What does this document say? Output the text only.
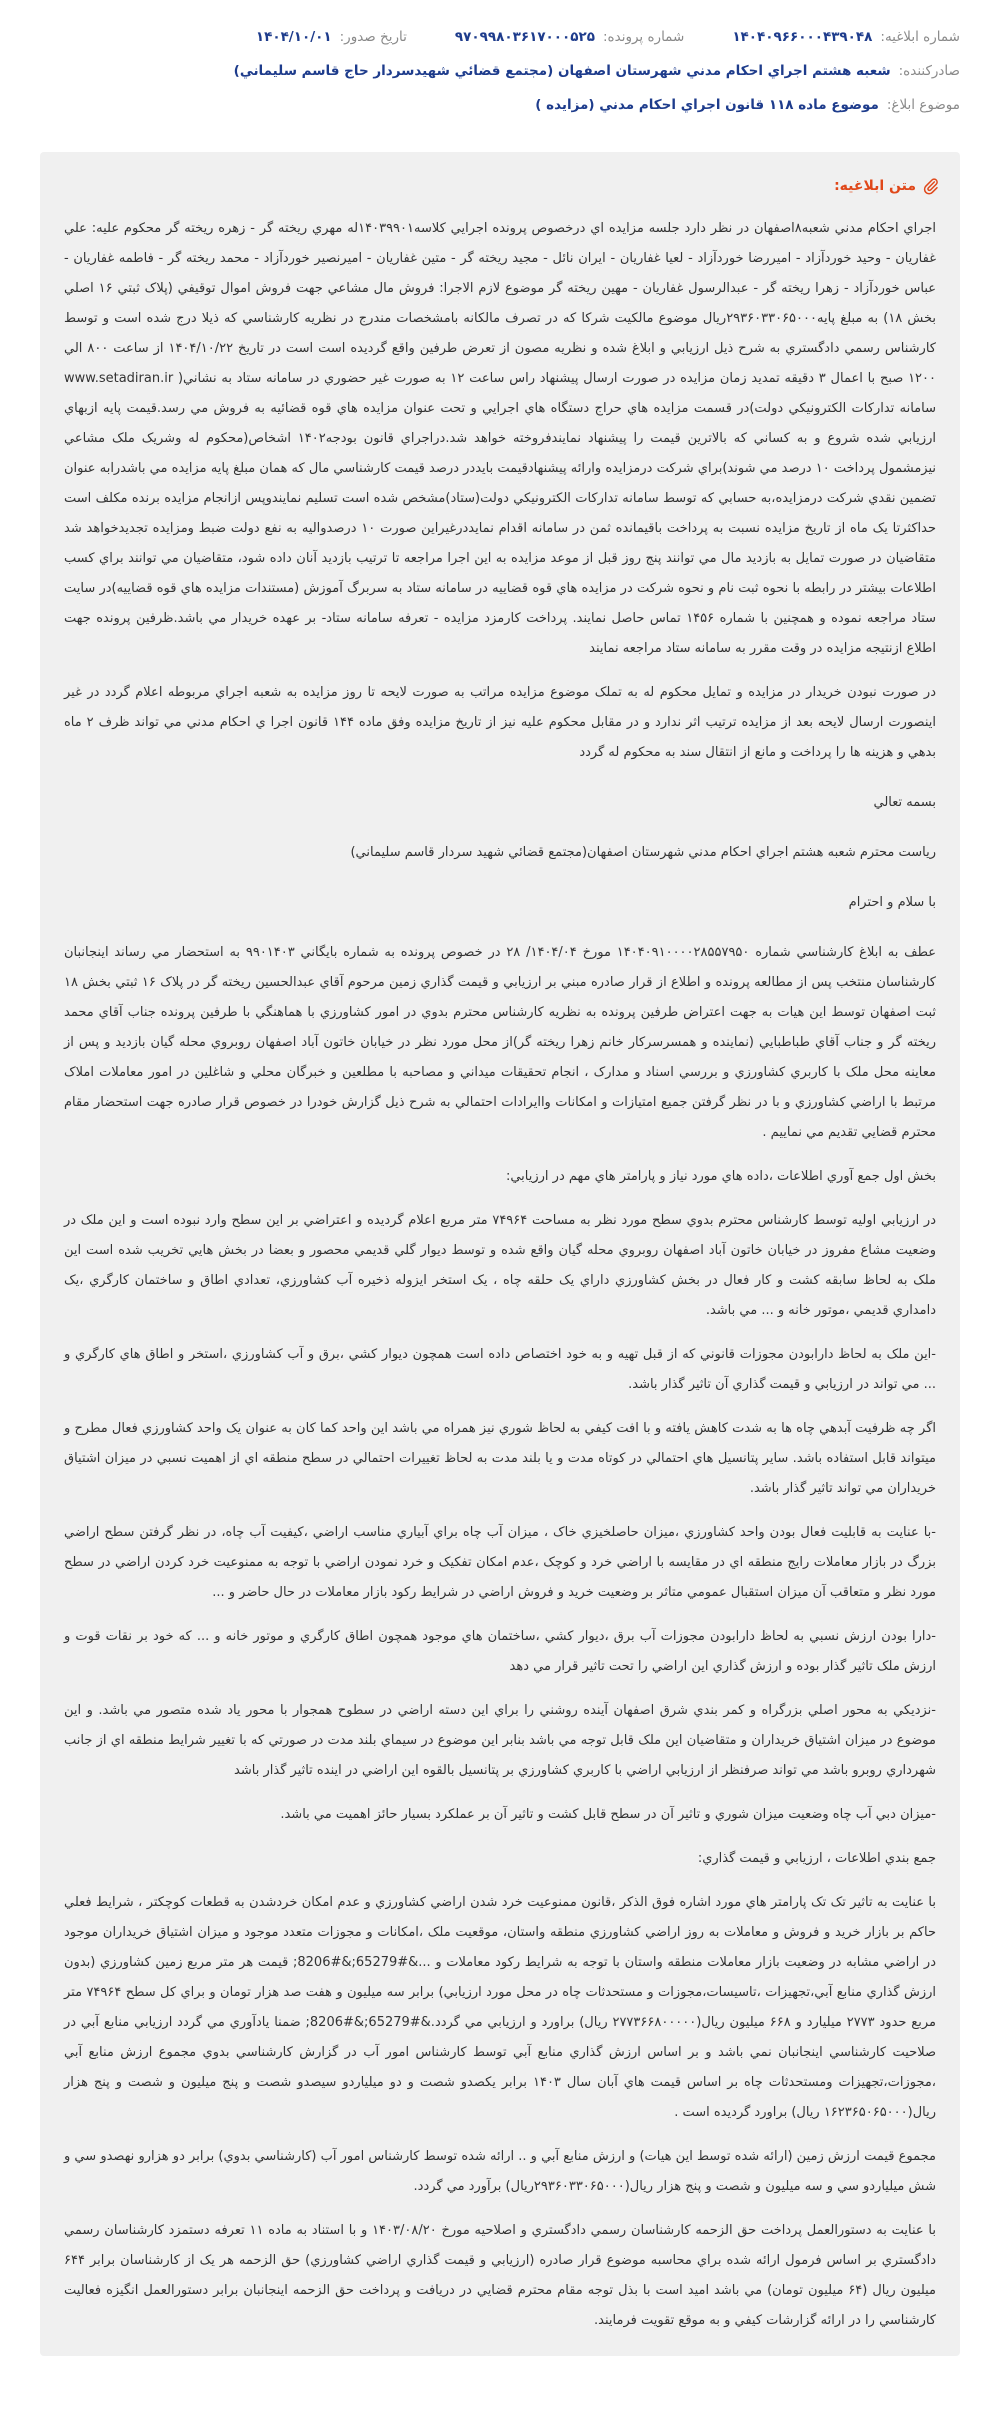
شماره ابلاغيه:
۱۴۰۴۰۹۶۶۰۰۰۴۳۹۰۴۸
شماره پرونده:
۹۷۰۹۹۸۰۳۶۱۷۰۰۰۵۲۵
تاريخ صدور:
۱۴۰۴/۱۰/۰۱
صادرکننده:
شعبه هشتم اجراي احکام مدني شهرستان اصفهان (مجتمع قضائي شهيدسردار حاج قاسم سليماني)
موضوع ابلاغ:
موضوع ماده ۱۱۸ قانون اجراي احکام مدني (مزايده )
متن ابلاغيه:

اجراي احکام مدني شعبه۸اصفهان در نظر دارد جلسه مزايده اي درخصوص پرونده اجرايي کلاسه۱۴۰۳۹۹۰۱له مهري ريخته گر - زهره ريخته گر محکوم عليه: علي غفاريان - وحيد خوردآزاد - اميررضا خوردآزاد - لعيا غفاريان - ايران نائل - مجيد ريخته گر - متين غفاريان - اميرنصير خوردآزاد - محمد ريخته گر - فاطمه غفاريان - عباس خوردآزاد - زهرا ريخته گر - عبدالرسول غفاريان - مهين ريخته گر موضوع لازم الاجرا: فروش مال مشاعي جهت فروش اموال توقيفي (پلاک ثبتي ۱۶ اصلي بخش ۱۸) به مبلغ پايه۲۹۳۶۰۳۳۰۶۵۰۰۰ريال موضوع مالکيت شرکا که در تصرف مالکانه بامشخصات مندرج در نظريه کارشناسي که ذيلا درج شده است و توسط کارشناس رسمي دادگستري به شرح ذيل ارزيابي و ابلاغ شده و نظريه مصون از تعرض طرفين واقع گرديده است است در تاريخ ۱۴۰۴/۱۰/۲۲ از ساعت ۸۰۰ الي ۱۲۰۰ صبح با اعمال ۳ دقيقه تمديد زمان مزايده در صورت ارسال پيشنهاد راس ساعت ۱۲ به صورت غير حضوري در سامانه ستاد به نشاني( www.setadiran.ir سامانه تدارکات الکترونيکي دولت)در قسمت مزايده هاي حراج دستگاه هاي اجرايي و تحت عنوان مزايده هاي قوه قضائيه به فروش مي رسد.قيمت پايه ازبهاي ارزيابي شده شروع و به کساني که بالاترين قيمت را پيشنهاد نمايندفروخته خواهد شد.دراجراي قانون بودجه۱۴۰۲ اشخاص(محکوم له وشريک ملک مشاعي نيزمشمول پرداخت ۱۰ درصد مي شوند)براي شرکت درمزايده وارائه پيشنهادقيمت بايددر درصد قيمت کارشناسي مال که همان مبلغ پايه مزايده مي باشدرابه عنوان تضمين نقدي شرکت درمزايده،به حسابي که توسط سامانه تدارکات الکترونيکي دولت(ستاد)مشخص شده است تسليم نمايندوپس ازانجام مزايده برنده مکلف است حداکثرتا يک ماه از تاريخ مزايده نسبت به پرداخت باقيمانده ثمن در سامانه اقدام نمايددرغيراين صورت ۱۰ درصدواليه به نفع دولت ضبط ومزايده تجديدخواهد شد متقاضيان در صورت تمايل به بازديد مال مي توانند پنج روز قبل از موعد مزايده به اين اجرا مراجعه تا ترتيب بازديد آنان داده شود، متقاضيان مي توانند براي کسب اطلاعات بيشتر در رابطه با نحوه ثبت نام و نحوه شرکت در مزايده هاي قوه قضاييه در سامانه ستاد به سربرگ آموزش (مستندات مزايده هاي قوه قضاييه)در سايت ستاد مراجعه نموده و همچنين با شماره ۱۴۵۶ تماس حاصل نمايند. پرداخت کارمزد مزايده - تعرفه سامانه ستاد- بر عهده خريدار مي باشد.ظرفين پرونده جهت اطلاع ازنتيجه مزايده در وقت مقرر به سامانه ستاد مراجعه نمايند

در صورت نبودن خريدار در مزايده و تمايل محکوم له به تملک موضوع مزايده مراتب به صورت لايحه تا روز مزايده به شعبه اجراي مربوطه اعلام گردد در غير اينصورت ارسال لايحه بعد از مزايده ترتيب اثر ندارد و در مقابل محکوم عليه نيز از تاريخ مزايده وفق ماده ۱۴۴ قانون اجرا ي احکام مدني مي تواند ظرف ۲ ماه بدهي و هزينه ها را پرداخت و مانع از انتقال سند به محکوم له گردد

بسمه تعالي

رياست محترم شعبه هشتم اجراي احکام مدني شهرستان اصفهان(مجتمع قضائي شهيد سردار قاسم سليماني)

با سلام و احترام

عطف به ابلاغ کارشناسي شماره ۱۴۰۴۰۹۱۰۰۰۰۲۸۵۵۷۹۵۰ مورخ ۱۴۰۴/۰۴/ ۲۸ در خصوص پرونده به شماره بايگاني ۹۹۰۱۴۰۳ به استحضار مي رساند اينجانبان کارشناسان منتخب پس از مطالعه پرونده و اطلاع از قرار صادره مبني بر ارزيابي و قيمت گذاري زمين مرحوم آقاي عبدالحسين ريخته گر در پلاک ۱۶ ثبتي بخش ۱۸ ثبت اصفهان توسط اين هيات به جهت اعتراض طرفين پرونده به نظريه کارشناس محترم بدوي در امور کشاورزي با هماهنگي با طرفين پرونده جناب آقاي محمد ريخته گر و جناب آقاي طباطبايي (نماينده و همسرسرکار خانم زهرا ريخته گر)از محل مورد نظر در خيابان خاتون آباد اصفهان روبروي محله گيان بازديد و پس از معاينه محل ملک با کاربري کشاورزي و بررسي اسناد و مدارک ، انجام تحقيقات ميداني و مصاحبه با مطلعين و خبرگان محلي و شاغلين در امور معاملات املاک مرتبط با اراضي کشاورزي و با در نظر گرفتن جميع امتيازات و امکانات واايرادات احتمالي به شرح ذيل گزارش خودرا در خصوص قرار صادره جهت استحضار مقام محترم قضايي تقديم مي نماييم .

بخش اول جمع آوري اطلاعات ،داده هاي مورد نياز و پارامتر هاي مهم در ارزيابي:

در ارزيابي اوليه توسط کارشناس محترم بدوي سطح مورد نظر به مساحت ۷۴۹۶۴ متر مربع اعلام گرديده و اعتراضي بر اين سطح وارد نبوده است و اين ملک در وضعيت مشاع مفروز در خيابان خاتون آباد اصفهان روبروي محله گيان واقع شده و توسط ديوار گلي قديمي محصور و بعضا در بخش هايي تخريب شده است اين ملک به لحاظ سابقه کشت و کار فعال در بخش کشاورزي داراي يک حلقه چاه ، يک استخر ايزوله ذخيره آب کشاورزي، تعدادي اطاق و ساختمان کارگري ،يک دامداري قديمي ،موتور خانه و ... مي باشد.

-اين ملک به لحاظ دارابودن مجوزات قانوني که از قبل تهيه و به خود اختصاص داده است همچون ديوار کشي ،برق و آب کشاورزي ،استخر و اطاق هاي کارگري و ... مي تواند در ارزيابي و قيمت گذاري آن تاثير گذار باشد.

اگر چه ظرفيت آبدهي چاه ها به شدت کاهش يافته و با افت کيفي به لحاظ شوري نيز همراه مي باشد اين واحد کما کان به عنوان يک واحد کشاورزي فعال مطرح و ميتواند قابل استفاده باشد. ساير پتانسيل هاي احتمالي در کوتاه مدت و يا بلند مدت به لحاظ تغييرات احتمالي در سطح منطقه اي از اهميت نسبي در ميزان اشتياق خريداران مي تواند تاثير گذار باشد.

-با عنايت به قابليت فعال بودن واحد کشاورزي ،ميزان حاصلخيزي خاک ، ميزان آب چاه براي آبياري مناسب اراضي ،کيفيت آب چاه، در نظر گرفتن سطح اراضي بزرگ در بازار معاملات رايج منطقه اي در مقايسه با اراضي خرد و کوچک ،عدم امکان تفکيک و خرد نمودن اراضي با توجه به ممنوعيت خرد کردن اراضي در سطح مورد نظر و متعاقب آن ميزان استقبال عمومي متاثر بر وضعيت خريد و فروش اراضي در شرايط رکود بازار معاملات در حال حاضر و ...

-دارا بودن ارزش نسبي به لحاظ دارابودن مجوزات آب برق ،ديوار کشي ،ساختمان هاي موجود همچون اطاق کارگري و موتور خانه و ... که خود بر نقات قوت و ارزش ملک تاثير گذار بوده و ارزش گذاري اين اراضي را تحت تاثير قرار مي دهد

-نزديکي به محور اصلي بزرگراه و کمر بندي شرق اصفهان آينده روشني را براي اين دسته اراضي در سطوح همجوار با محور ياد شده متصور مي باشد. و اين موضوع در ميزان اشتياق خريداران و متقاضيان اين ملک قابل توجه مي باشد بنابر اين موضوع در سيماي بلند مدت در صورتي که با تغيير شرايط منطقه اي از جانب شهرداري روبرو باشد مي تواند صرفنظر از ارزيابي اراضي با کاربري کشاورزي بر پتانسيل بالقوه اين اراضي در اينده تاثير گذار باشد

-ميزان دبي آب چاه وضعيت ميزان شوري و تاثير آن در سطح قابل کشت و تاثير آن بر عملکرد بسيار حائز اهميت مي باشد.

جمع بندي اطلاعات ، ارزيابي و قيمت گذاري:

با عنايت به تاثير تک تک پارامتر هاي مورد اشاره فوق الذکر ،قانون ممنوعيت خرد شدن اراضي کشاورزي و عدم امکان خردشدن به قطعات کوچکتر ، شرايط فعلي حاکم بر بازار خريد و فروش و معاملات به روز اراضي کشاورزي منطقه واستان، موقعيت ملک ،امکانات و مجوزات متعدد موجود و ميزان اشتياق خريداران موجود در اراضي مشابه در وضعيت بازار معاملات منطقه واستان با توجه به شرايط رکود معاملات و ...&#65279;&#8206; قيمت هر متر مربع زمين کشاورزي (بدون ارزش گذاري منابع آبي،تجهيزات ،تاسيسات،مجوزات و مستحدثات چاه در محل مورد ارزيابي) برابر سه ميليون و هفت صد هزار تومان و براي کل سطح ۷۴۹۶۴ متر مربع حدود ۲۷۷۳ ميليارد و ۶۶۸ ميليون ريال(۲۷۷۳۶۶۸۰۰۰۰۰ ريال) براورد و ارزيابي مي گردد.&#65279;&#8206; ضمنا يادآوري مي گردد ارزيابي منابع آبي در صلاحيت کارشناسي اينجانبان نمي باشد و بر اساس ارزش گذاري منابع آبي توسط کارشناس امور آب در گزارش کارشناسي بدوي مجموع ارزش منابع آبي ،مجوزات،تجهيزات ومستحدثات چاه بر اساس قيمت هاي آبان سال ۱۴۰۳ برابر يکصدو شصت و دو ميلياردو سيصدو شصت و پنج ميليون و شصت و پنج هزار ريال(۱۶۲۳۶۵۰۶۵۰۰۰ ريال) براورد گرديده است .

مجموع قيمت ارزش زمين (ارائه شده توسط اين هيات) و ارزش منابع آبي و .. ارائه شده توسط کارشناس امور آب (کارشناسي بدوي) برابر دو هزارو نهصدو سي و شش ميلياردو سي و سه ميليون و شصت و پنج هزار ريال(۲۹۳۶۰۳۳۰۶۵۰۰۰ريال) برآورد مي گردد.

با عنايت به دستورالعمل پرداخت حق الزحمه کارشناسان رسمي دادگستري و اصلاحيه مورخ ۱۴۰۳/۰۸/۲۰ و با استناد به ماده ۱۱ تعرفه دستمزد کارشناسان رسمي دادگستري بر اساس فرمول ارائه شده براي محاسبه موضوع قرار صادره (ارزيابي و قيمت گذاري اراضي کشاورزي) حق الزحمه هر يک از کارشناسان برابر ۶۴۴ ميليون ريال (۶۴ ميليون تومان) مي باشد اميد است با بذل توجه مقام محترم قضايي در دريافت و پرداخت حق الزحمه اينجانبان برابر دستورالعمل انگيزه فعاليت کارشناسي را در ارائه گزارشات کيفي و به موقع تقويت فرمايند.
